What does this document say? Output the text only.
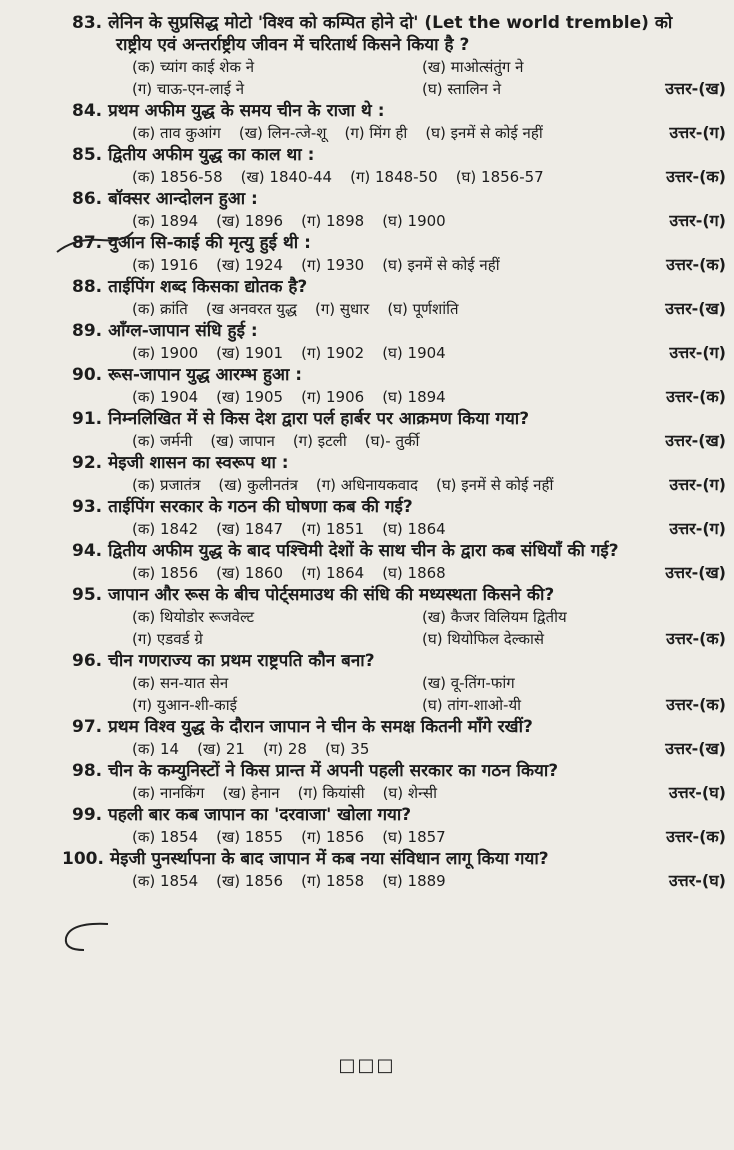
83. लेनिन के सुप्रसिद्ध मोटो 'विश्व को कम्पित होने दो' (Let the world tremble) को
राष्ट्रीय एवं अन्तर्राष्ट्रीय जीवन में चरितार्थ किसने किया है ?
(क) च्यांग काई शेक ने	(ख) माओत्संतुंग ने
(ग) चाऊ-एन-लाई ने	(घ) स्तालिन ने	उत्तर-(ख)
84. प्रथम अफीम युद्ध के समय चीन के राजा थे :
(क) ताव कुआंग (ख) लिन-त्जे-शू (ग) मिंग ही (घ) इनमें से कोई नहीं	उत्तर-(ग)
85. द्वितीय अफीम युद्ध का काल था :
(क) 1856-58 (ख) 1840-44 (ग) 1848-50 (घ) 1856-57	उत्तर-(क)
86. बॉक्सर आन्दोलन हुआ :
(क) 1894 (ख) 1896 (ग) 1898 (घ) 1900	उत्तर-(ग)
87. युआन सि-काई की मृत्यु हुई थी :
(क) 1916 (ख) 1924 (ग) 1930 (घ) इनमें से कोई नहीं	उत्तर-(क)
88. ताईपिंग शब्द किसका द्योतक है?
(क) क्रांति (ख अनवरत युद्ध (ग) सुधार (घ) पूर्णशांति	उत्तर-(ख)
89. आँग्ल-जापान संधि हुई :
(क) 1900 (ख) 1901 (ग) 1902 (घ) 1904	उत्तर-(ग)
90. रूस-जापान युद्ध आरम्भ हुआ :
(क) 1904 (ख) 1905 (ग) 1906 (घ) 1894	उत्तर-(क)
91. निम्नलिखित में से किस देश द्वारा पर्ल हार्बर पर आक्रमण किया गया?
(क) जर्मनी (ख) जापान (ग) इटली (घ)- तुर्की	उत्तर-(ख)
92. मेइजी शासन का स्वरूप था :
(क) प्रजातंत्र (ख) कुलीनतंत्र (ग) अधिनायकवाद (घ) इनमें से कोई नहीं	उत्तर-(ग)
93. ताईपिंग सरकार के गठन की घोषणा कब की गई?
(क) 1842 (ख) 1847 (ग) 1851 (घ) 1864	उत्तर-(ग)
94. द्वितीय अफीम युद्ध के बाद पश्चिमी देशों के साथ चीन के द्वारा कब संधियाँ की गई?
(क) 1856 (ख) 1860 (ग) 1864 (घ) 1868	उत्तर-(ख)
95. जापान और रूस के बीच पोर्ट्समाउथ की संधि की मध्यस्थता किसने की?
(क) थियोडोर रूजवेल्ट	(ख) कैजर विलियम द्वितीय
(ग) एडवर्ड ग्रे	(घ) थियोफिल देल्कासे	उत्तर-(क)
96. चीन गणराज्य का प्रथम राष्ट्रपति कौन बना?
(क) सन-यात सेन	(ख) वू-तिंग-फांग
(ग) युआन-शी-काई	(घ) तांग-शाओ-यी	उत्तर-(क)
97. प्रथम विश्व युद्ध के दौरान जापान ने चीन के समक्ष कितनी माँगे रखीं?
(क) 14 (ख) 21 (ग) 28 (घ) 35	उत्तर-(ख)
98. चीन के कम्युनिस्टों ने किस प्रान्त में अपनी पहली सरकार का गठन किया?
(क) नानकिंग (ख) हेनान (ग) कियांसी (घ) शेन्सी	उत्तर-(घ)
99. पहली बार कब जापान का 'दरवाजा' खोला गया?
(क) 1854 (ख) 1855 (ग) 1856 (घ) 1857	उत्तर-(क)
100. मेइजी पुनर्स्थापना के बाद जापान में कब नया संविधान लागू किया गया?
(क) 1854 (ख) 1856 (ग) 1858 (घ) 1889	उत्तर-(घ)
□□□
